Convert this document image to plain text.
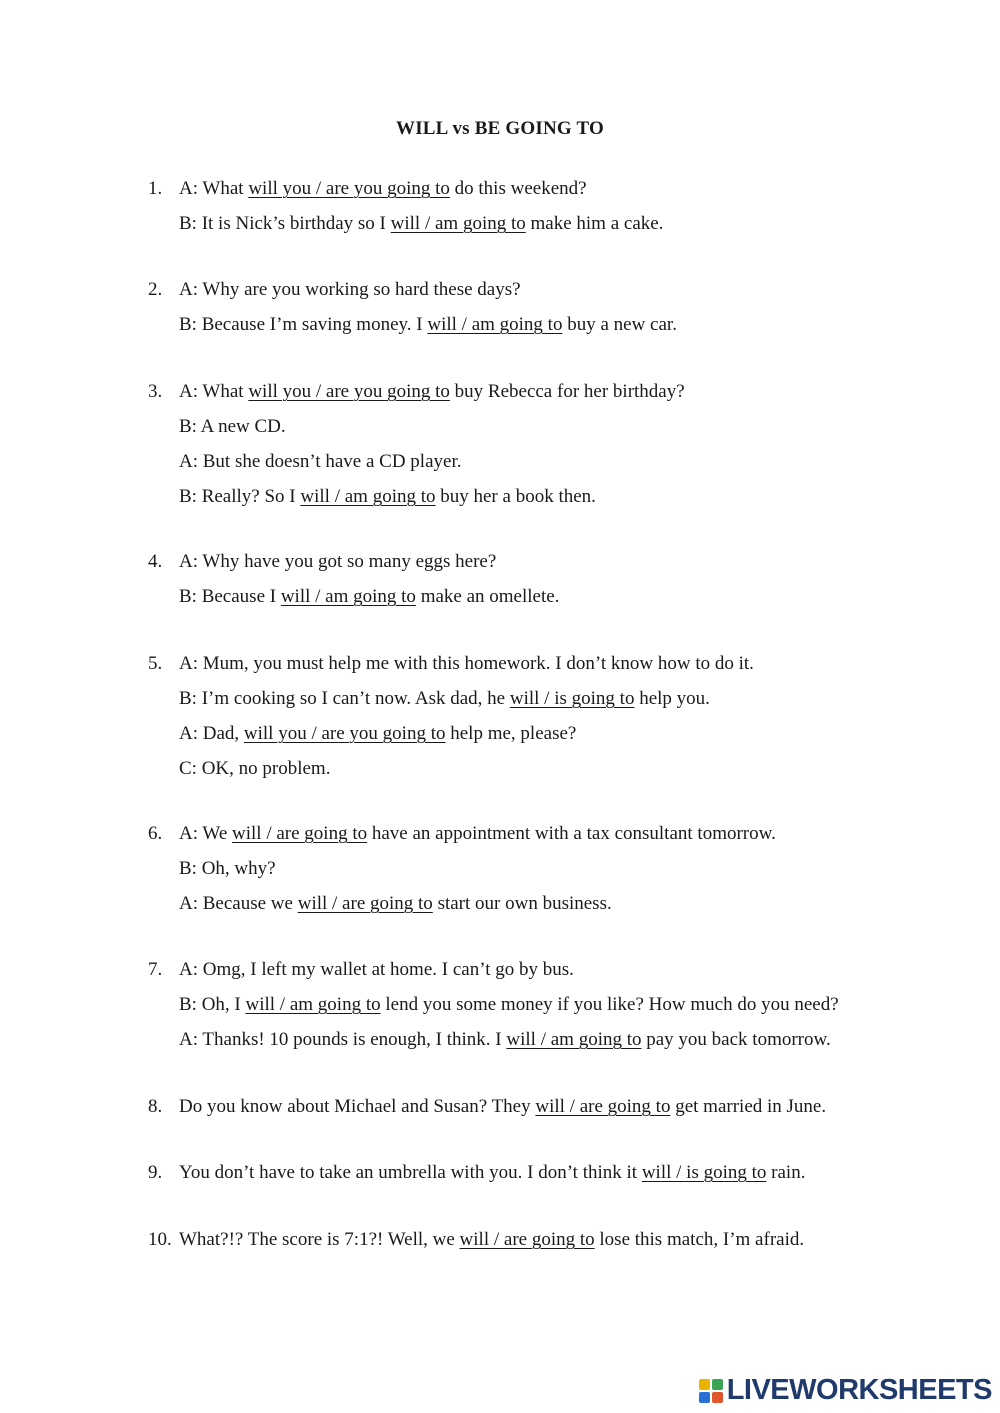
WILL vs BE GOING TO
1. A: What will you / are you going to do this weekend?
B: It is Nick’s birthday so I will / am going to make him a cake.
2. A: Why are you working so hard these days?
B: Because I’m saving money. I will / am going to buy a new car.
3. A: What will you / are you going to buy Rebecca for her birthday?
B: A new CD.
A: But she doesn’t have a CD player.
B: Really? So I will / am going to buy her a book then.
4. A: Why have you got so many eggs here?
B: Because I will / am going to make an omellete.
5. A: Mum, you must help me with this homework. I don’t know how to do it.
B: I’m cooking so I can’t now. Ask dad, he will / is going to help you.
A: Dad, will you / are you going to help me, please?
C: OK, no problem.
6. A: We will / are going to have an appointment with a tax consultant tomorrow.
B: Oh, why?
A: Because we will / are going to start our own business.
7. A: Omg, I left my wallet at home. I can’t go by bus.
B: Oh, I will / am going to lend you some money if you like? How much do you need?
A: Thanks! 10 pounds is enough, I think. I will / am going to pay you back tomorrow.
8. Do you know about Michael and Susan? They will / are going to get married in June.
9. You don’t have to take an umbrella with you. I don’t think it will / is going to rain.
10. What?!? The score is 7:1?! Well, we will / are going to lose this match, I’m afraid.
LIVEWORKSHEETS
